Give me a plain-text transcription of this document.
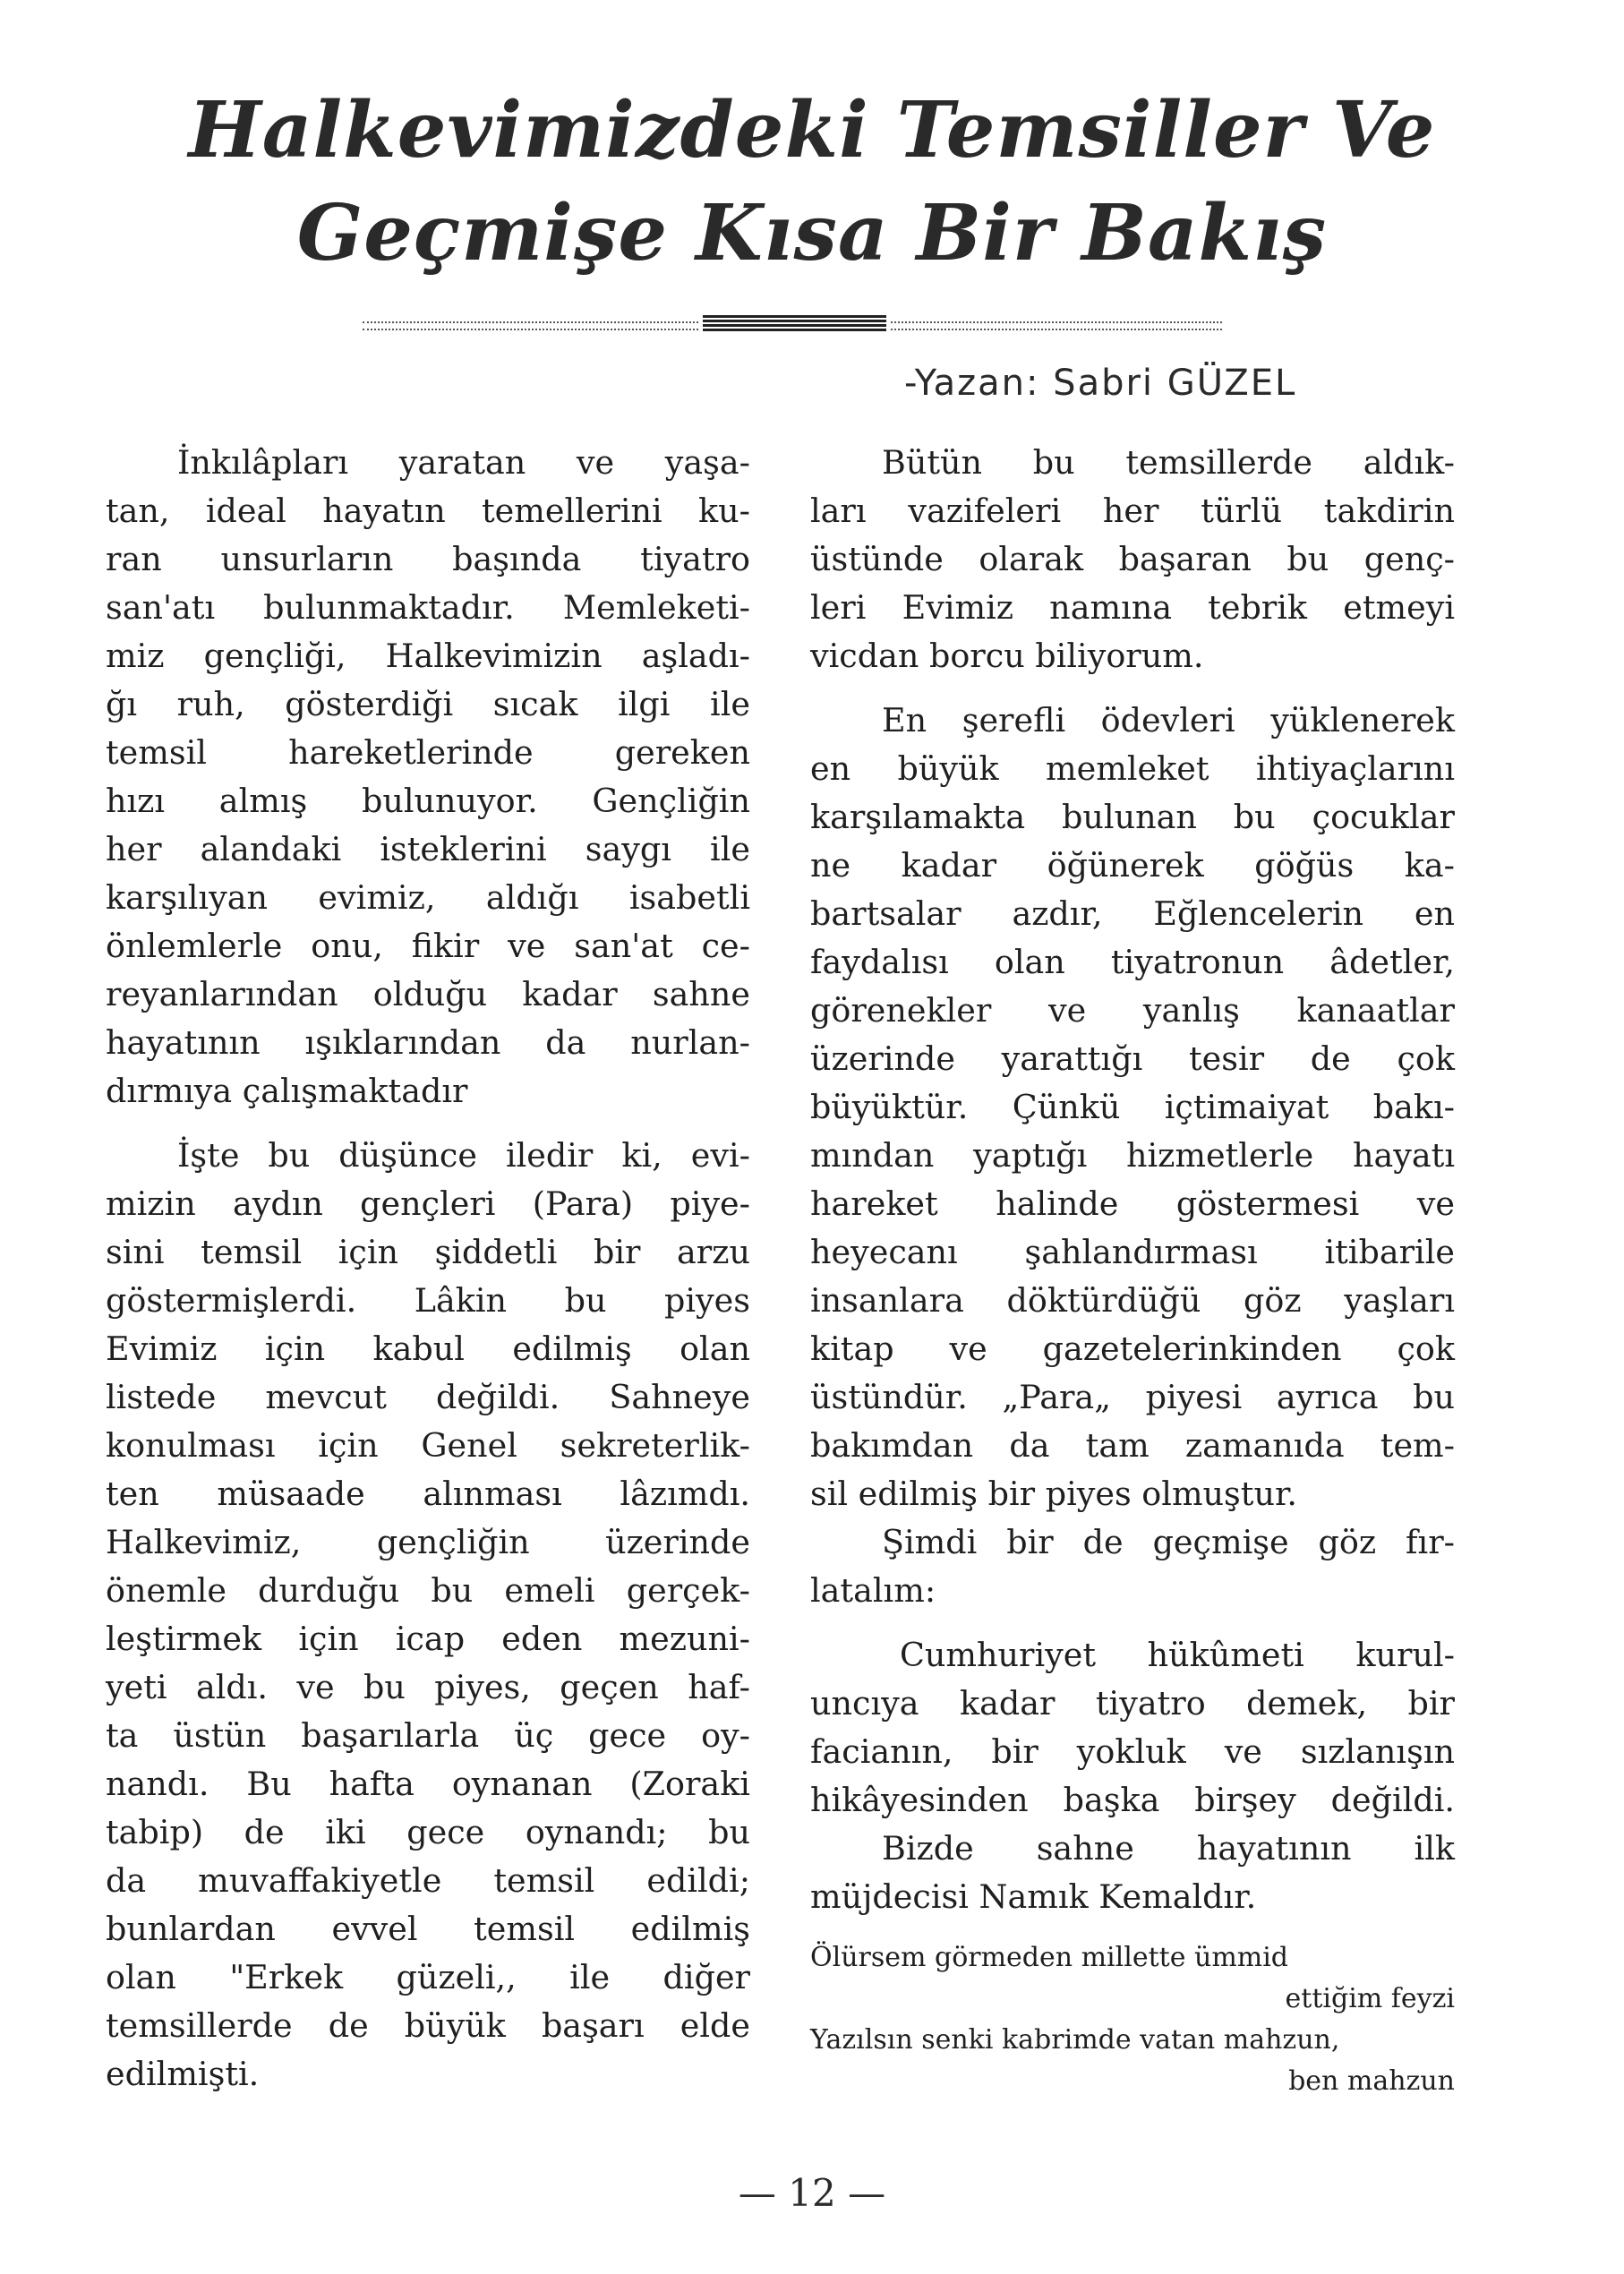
Halkevimizdeki Temsiller Ve
Geçmişe Kısa Bir Bakış
-Yazan: Sabri GÜZEL
İnkılâpları yaratan ve yaşa-
tan, ideal hayatın temellerini ku-
ran unsurların başında tiyatro
san'atı bulunmaktadır. Memleketi-
miz gençliği, Halkevimizin aşladı-
ğı ruh, gösterdiği sıcak ilgi ile
temsil hareketlerinde gereken
hızı almış bulunuyor. Gençliğin
her alandaki isteklerini saygı ile
karşılıyan evimiz, aldığı isabetli
önlemlerle onu, fikir ve san'at ce-
reyanlarından olduğu kadar sahne
hayatının ışıklarından da nurlan-
dırmıya çalışmaktadır
İşte bu düşünce iledir ki, evi-
mizin aydın gençleri (Para) piye-
sini temsil için şiddetli bir arzu
göstermişlerdi. Lâkin bu piyes
Evimiz için kabul edilmiş olan
listede mevcut değildi. Sahneye
konulması için Genel sekreterlik-
ten müsaade alınması lâzımdı.
Halkevimiz, gençliğin üzerinde
önemle durduğu bu emeli gerçek-
leştirmek için icap eden mezuni-
yeti aldı. ve bu piyes, geçen haf-
ta üstün başarılarla üç gece oy-
nandı. Bu hafta oynanan (Zoraki
tabip) de iki gece oynandı; bu
da muvaffakiyetle temsil edildi;
bunlardan evvel temsil edilmiş
olan "Erkek güzeli,, ile diğer
temsillerde de büyük başarı elde
edilmişti.
Bütün bu temsillerde aldık-
ları vazifeleri her türlü takdirin
üstünde olarak başaran bu genç-
leri Evimiz namına tebrik etmeyi
vicdan borcu biliyorum.
En şerefli ödevleri yüklenerek
en büyük memleket ihtiyaçlarını
karşılamakta bulunan bu çocuklar
ne kadar öğünerek göğüs ka-
bartsalar azdır, Eğlencelerin en
faydalısı olan tiyatronun âdetler,
görenekler ve yanlış kanaatlar
üzerinde yarattığı tesir de çok
büyüktür. Çünkü içtimaiyat bakı-
mından yaptığı hizmetlerle hayatı
hareket halinde göstermesi ve
heyecanı şahlandırması itibarile
insanlara döktürdüğü göz yaşları
kitap ve gazetelerinkinden çok
üstündür. „Para„ piyesi ayrıca bu
bakımdan da tam zamanıda tem-
sil edilmiş bir piyes olmuştur.
Şimdi bir de geçmişe göz fır-
latalım:
Cumhuriyet hükûmeti kurul-
uncıya kadar tiyatro demek, bir
facianın, bir yokluk ve sızlanışın
hikâyesinden başka birşey değildi.
Bizde sahne hayatının ilk
müjdecisi Namık Kemaldır.
Ölürsem görmeden millette ümmid
ettiğim feyzi
Yazılsın senki kabrimde vatan mahzun,
ben mahzun
— 12 —
